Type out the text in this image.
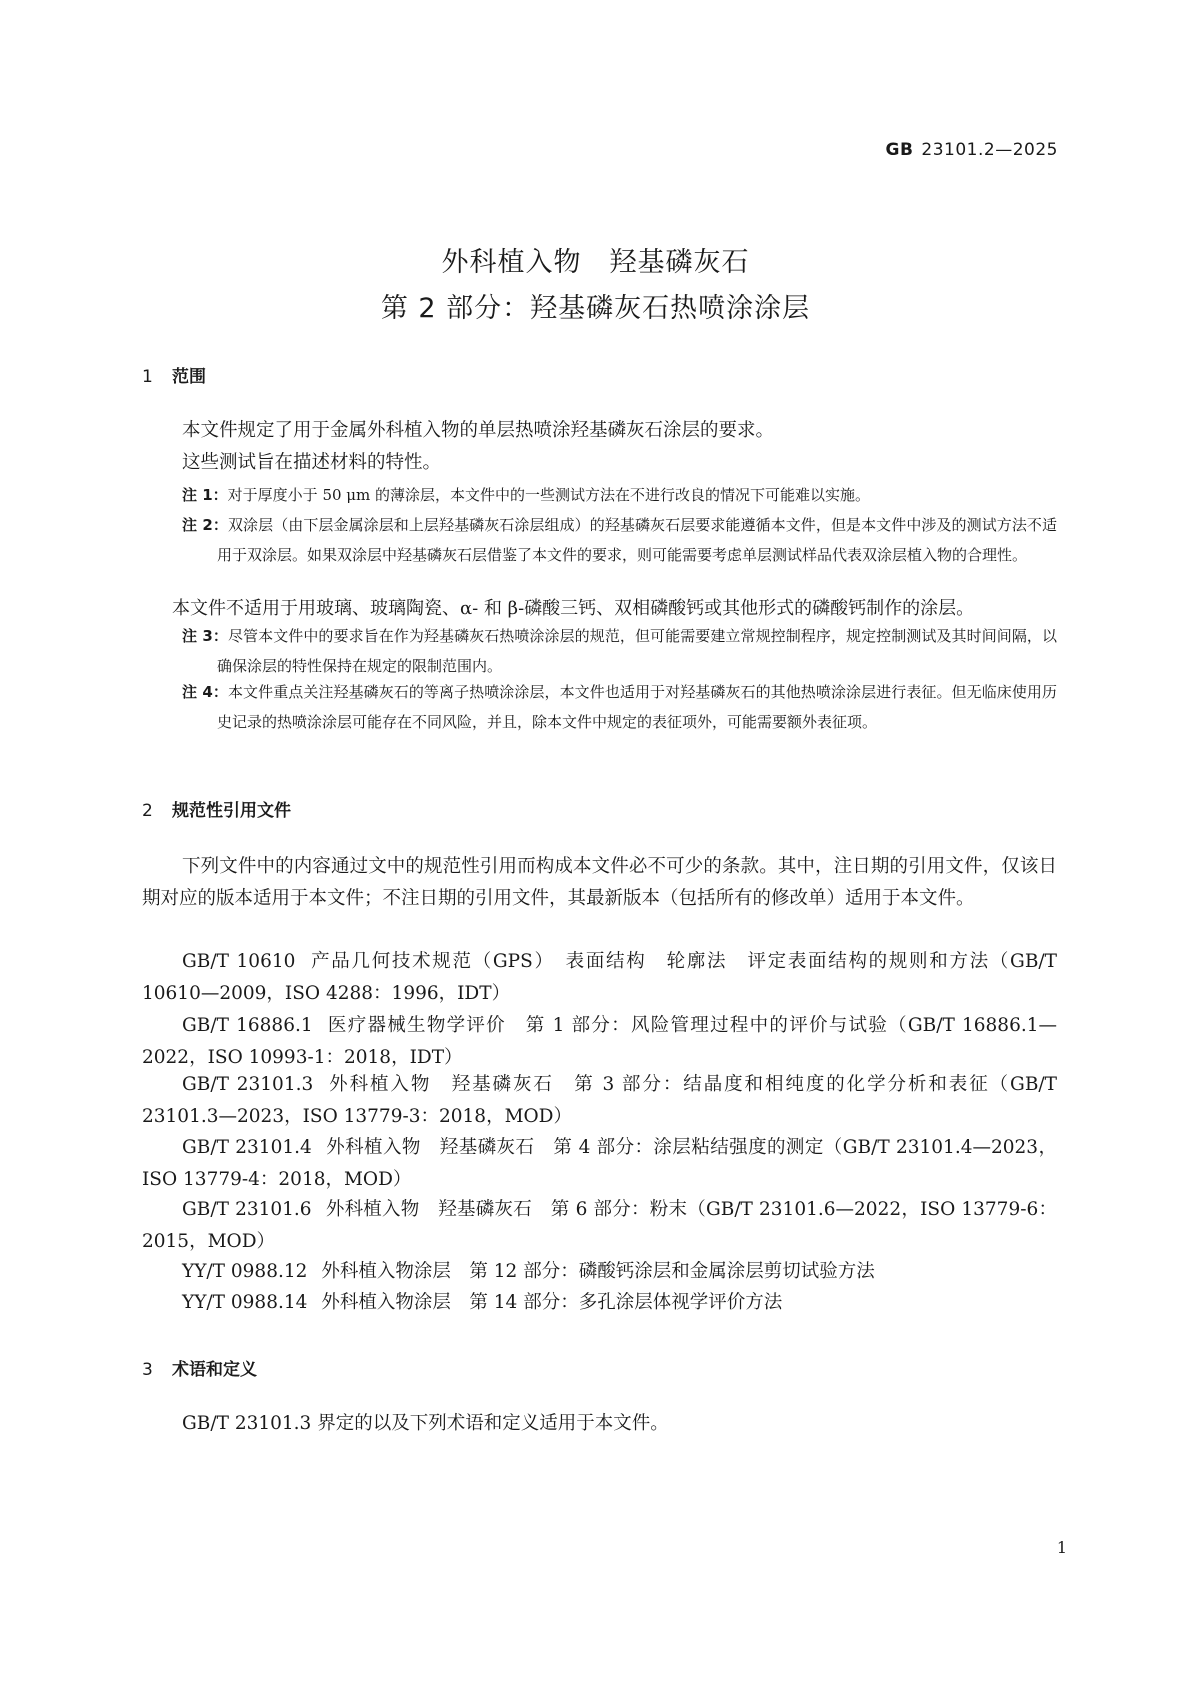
GB 23101.2—2025
外科植入物 羟基磷灰石
第 2 部分：羟基磷灰石热喷涂涂层
1 范围
本文件规定了用于金属外科植入物的单层热喷涂羟基磷灰石涂层的要求。
这些测试旨在描述材料的特性。
注 1：对于厚度小于 50 μm 的薄涂层，本文件中的一些测试方法在不进行改良的情况下可能难以实施。
注 2：双涂层（由下层金属涂层和上层羟基磷灰石涂层组成）的羟基磷灰石层要求能遵循本文件，但是本文件中涉及的测试方法不适用于双涂层。如果双涂层中羟基磷灰石层借鉴了本文件的要求，则可能需要考虑单层测试样品代表双涂层植入物的合理性。
本文件不适用于用玻璃、玻璃陶瓷、α- 和 β-磷酸三钙、双相磷酸钙或其他形式的磷酸钙制作的涂层。
注 3：尽管本文件中的要求旨在作为羟基磷灰石热喷涂涂层的规范，但可能需要建立常规控制程序，规定控制测试及其时间间隔，以确保涂层的特性保持在规定的限制范围内。
注 4：本文件重点关注羟基磷灰石的等离子热喷涂涂层，本文件也适用于对羟基磷灰石的其他热喷涂涂层进行表征。但无临床使用历史记录的热喷涂涂层可能存在不同风险，并且，除本文件中规定的表征项外，可能需要额外表征项。
2 规范性引用文件
下列文件中的内容通过文中的规范性引用而构成本文件必不可少的条款。其中，注日期的引用文件，仅该日期对应的版本适用于本文件；不注日期的引用文件，其最新版本（包括所有的修改单）适用于本文件。
GB/T 10610 产品几何技术规范（GPS）　表面结构　轮廓法　评定表面结构的规则和方法（GB/T 10610—2009，ISO 4288：1996，IDT）
GB/T 16886.1 医疗器械生物学评价　第 1 部分：风险管理过程中的评价与试验（GB/T 16886.1—2022，ISO 10993-1：2018，IDT）
GB/T 23101.3 外科植入物　羟基磷灰石　第 3 部分：结晶度和相纯度的化学分析和表征（GB/T 23101.3—2023，ISO 13779-3：2018，MOD）
GB/T 23101.4 外科植入物　羟基磷灰石　第 4 部分：涂层粘结强度的测定（GB/T 23101.4—2023，ISO 13779-4：2018，MOD）
GB/T 23101.6 外科植入物　羟基磷灰石　第 6 部分：粉末（GB/T 23101.6—2022，ISO 13779-6：2015，MOD）
YY/T 0988.12 外科植入物涂层　第 12 部分：磷酸钙涂层和金属涂层剪切试验方法
YY/T 0988.14 外科植入物涂层　第 14 部分：多孔涂层体视学评价方法
3 术语和定义
GB/T 23101.3 界定的以及下列术语和定义适用于本文件。
1
